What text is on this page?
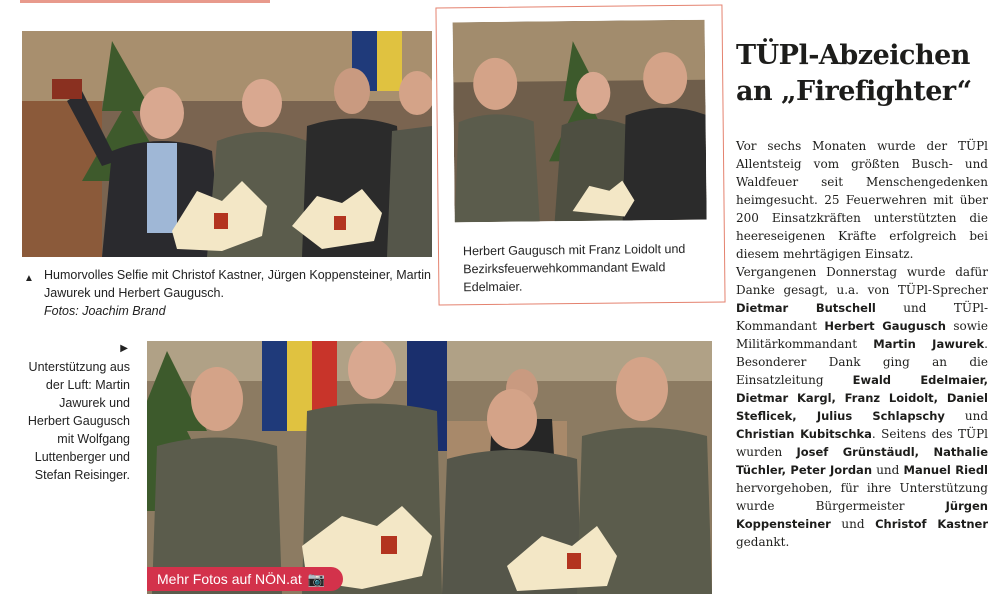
▲ Humorvolles Selfie mit Christof Kastner, Jürgen Koppensteiner, Martin Jawurek und Herbert Gaugusch.
Fotos: Joachim Brand
Herbert Gaugusch mit Franz Loidolt und Bezirksfeuerwehkommandant Ewald Edelmaier.
▶
Unterstützung aus der Luft: Martin Jawurek und Herbert Gaugusch mit Wolfgang Luttenberger und Stefan Reisinger.
Mehr Fotos auf NÖN.at 📷
TÜPl-Abzeichen
an „Firefighter“

Vor sechs Monaten wurde der TÜPl Allentsteig vom größten Busch- und Waldfeuer seit Menschengedenken heimgesucht. 25 Feuerwehren mit über 200 Einsatzkräften unterstützten die heereseigenen Kräfte erfolgreich bei diesem mehrtägigen Einsatz.

Vergangenen Donnerstag wurde dafür Danke gesagt, u.a. von TÜPl-Sprecher Dietmar Butschell und TÜPl-Kommandant Herbert Gaugusch sowie Militärkommandant Martin Jawurek. Besonderer Dank ging an die Einsatzleitung Ewald Edelmaier, Dietmar Kargl, Franz Loidolt, Daniel Steflicek, Julius Schlapschy und Christian Kubitschka. Seitens des TÜPl wurden Josef Grünstäudl, Nathalie Tüchler, Peter Jordan und Manuel Riedl hervorgehoben, für ihre Unterstützung wurde Bürgermeister Jürgen Koppensteiner und Christof Kastner gedankt.
